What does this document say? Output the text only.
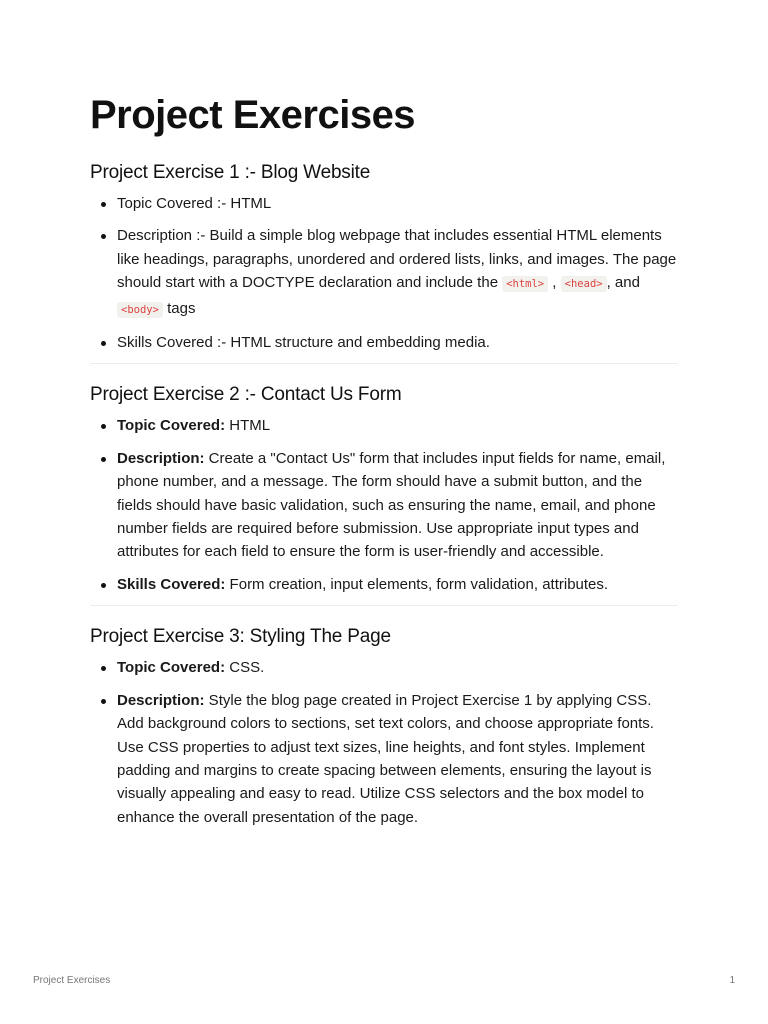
Project Exercises
Project Exercise 1 :- Blog Website
Topic Covered :- HTML
Description :- Build a simple blog webpage that includes essential HTML elements like headings, paragraphs, unordered and ordered lists, links, and images. The page should start with a DOCTYPE declaration and include the <html> , <head> , and <body> tags
Skills Covered :- HTML structure and embedding media.
Project Exercise 2 :- Contact Us Form
Topic Covered: HTML
Description: Create a "Contact Us" form that includes input fields for name, email, phone number, and a message. The form should have a submit button, and the fields should have basic validation, such as ensuring the name, email, and phone number fields are required before submission. Use appropriate input types and attributes for each field to ensure the form is user-friendly and accessible.
Skills Covered: Form creation, input elements, form validation, attributes.
Project Exercise 3: Styling The Page
Topic Covered: CSS.
Description: Style the blog page created in Project Exercise 1 by applying CSS. Add background colors to sections, set text colors, and choose appropriate fonts. Use CSS properties to adjust text sizes, line heights, and font styles. Implement padding and margins to create spacing between elements, ensuring the layout is visually appealing and easy to read. Utilize CSS selectors and the box model to enhance the overall presentation of the page.
Project Exercises	1
